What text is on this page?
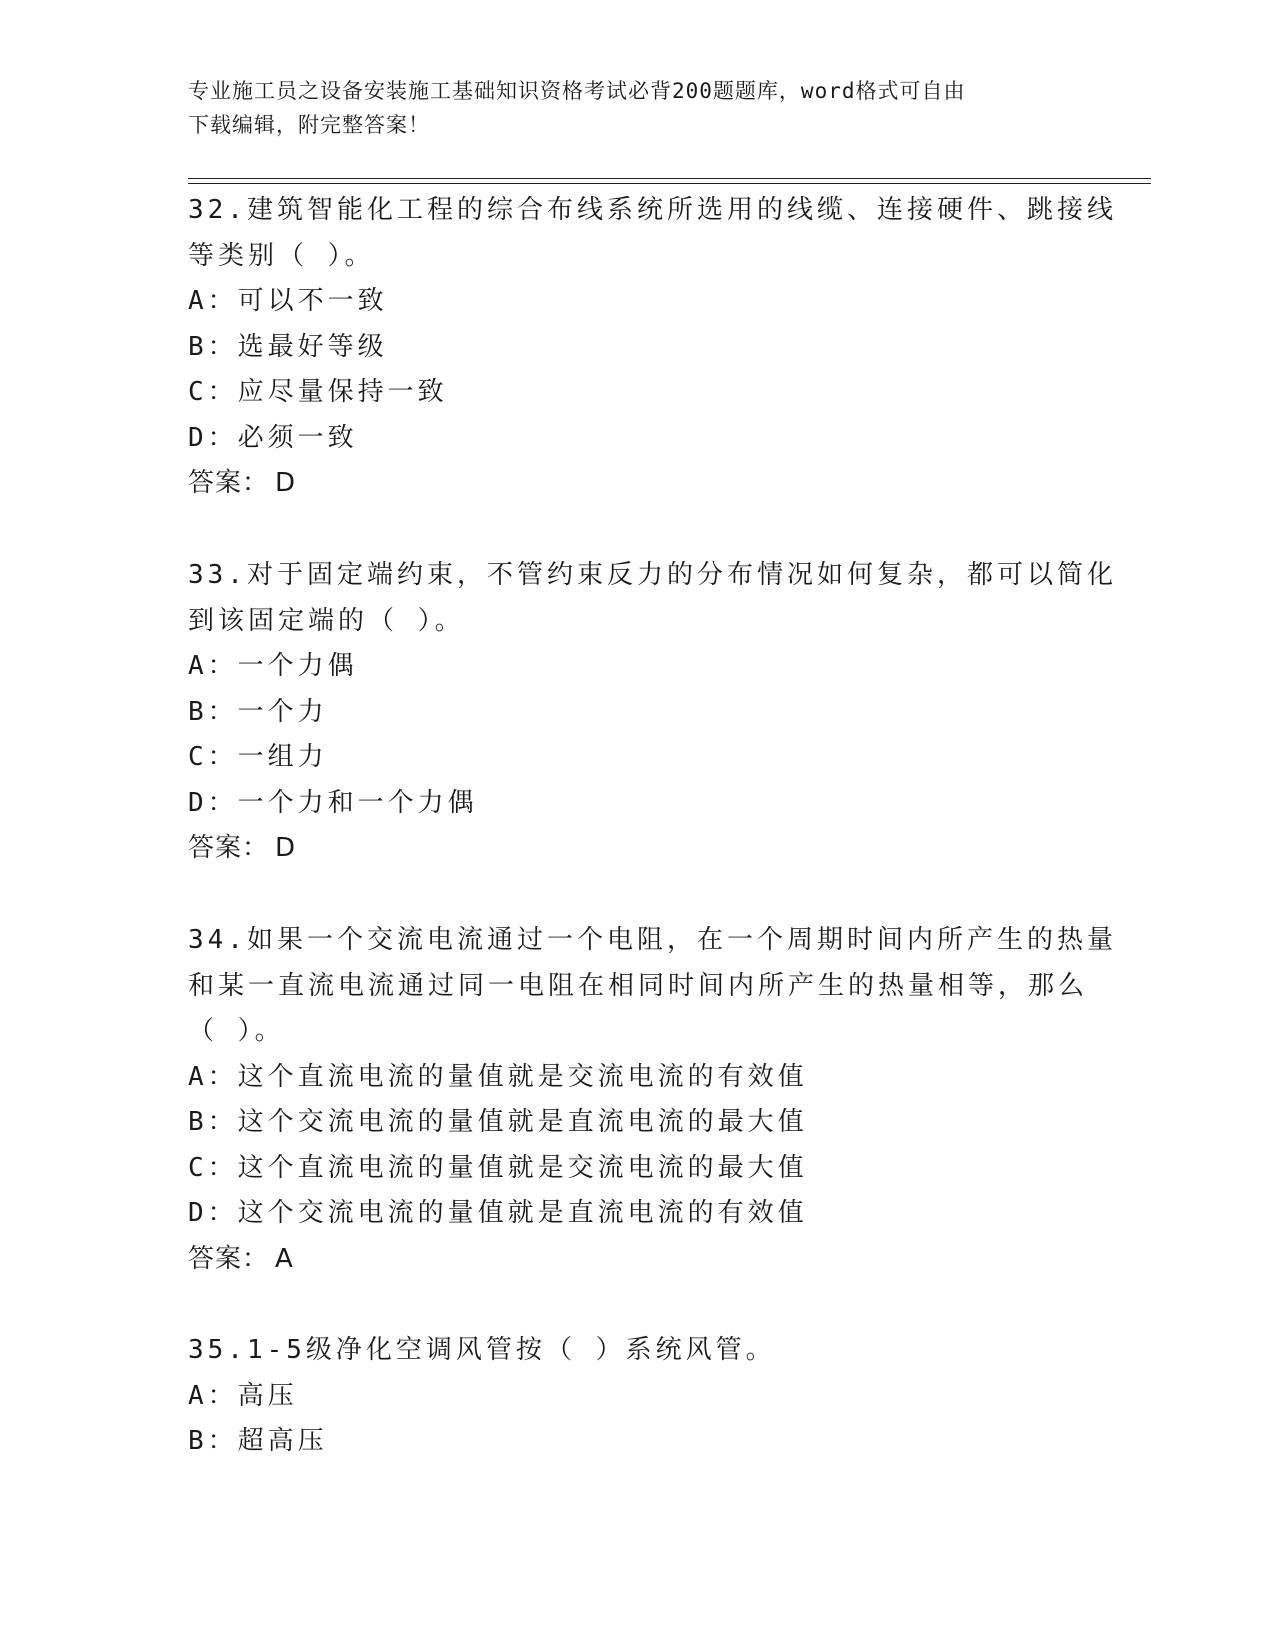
专业施工员之设备安装施工基础知识资格考试必背200题题库，word格式可自由
下载编辑，附完整答案！
32.建筑智能化工程的综合布线系统所选用的线缆、连接硬件、跳接线
等类别（ ）。
A：可以不一致
B：选最好等级
C：应尽量保持一致
D：必须一致
答案： D
33.对于固定端约束，不管约束反力的分布情况如何复杂，都可以简化
到该固定端的（ ）。
A：一个力偶
B：一个力
C：一组力
D：一个力和一个力偶
答案： D
34.如果一个交流电流通过一个电阻，在一个周期时间内所产生的热量
和某一直流电流通过同一电阻在相同时间内所产生的热量相等，那么
（ ）。
A：这个直流电流的量值就是交流电流的有效值
B：这个交流电流的量值就是直流电流的最大值
C：这个直流电流的量值就是交流电流的最大值
D：这个交流电流的量值就是直流电流的有效值
答案： A
35.1-5级净化空调风管按（ ）系统风管。
A：高压
B：超高压
